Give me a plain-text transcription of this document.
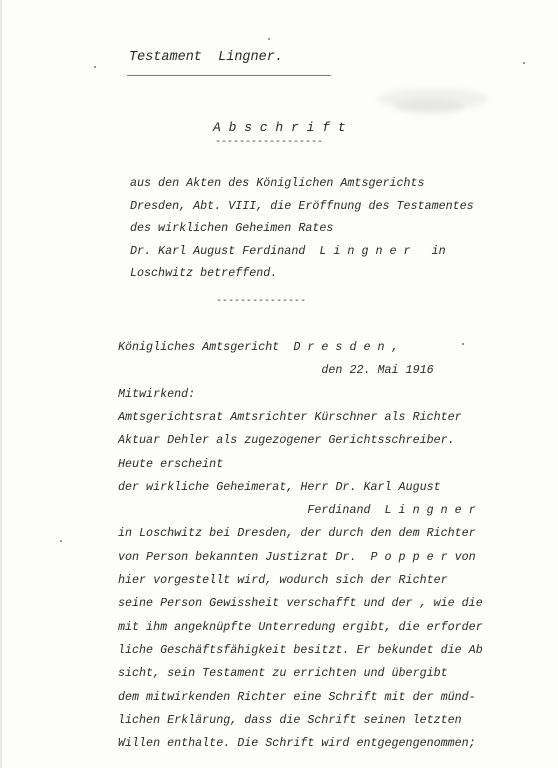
Testament  Lingner.
——————————————————————————————————
A b s c h r i f t
------------------
aus den Akten des Königlichen Amtsgerichts
Dresden, Abt. VIII, die Eröffnung des Testamentes
des wirklichen Geheimen Rates
Dr. Karl August Ferdinand  L i n g n e r   in
Loschwitz betreffend.
---------------
Königliches Amtsgericht  D r e s d e n ,
den 22. Mai 1916
Mitwirkend:
Amtsgerichtsrat Amtsrichter Kürschner als Richter
Aktuar Dehler als zugezogener Gerichtsschreiber.
Heute erscheint
der wirkliche Geheimerat, Herr Dr. Karl August
Ferdinand  L i n g n e r
in Loschwitz bei Dresden, der durch den dem Richter
von Person bekannten Justizrat Dr.  P o p p e r von
hier vorgestellt wird, wodurch sich der Richter
seine Person Gewissheit verschafft und der , wie die
mit ihm angeknüpfte Unterredung ergibt, die erforder
liche Geschäftsfähigkeit besitzt. Er bekundet die Ab
sicht, sein Testament zu errichten und übergibt
dem mitwirkenden Richter eine Schrift mit der münd-
lichen Erklärung, dass die Schrift seinen letzten
Willen enthalte. Die Schrift wird entgegengenommen;
